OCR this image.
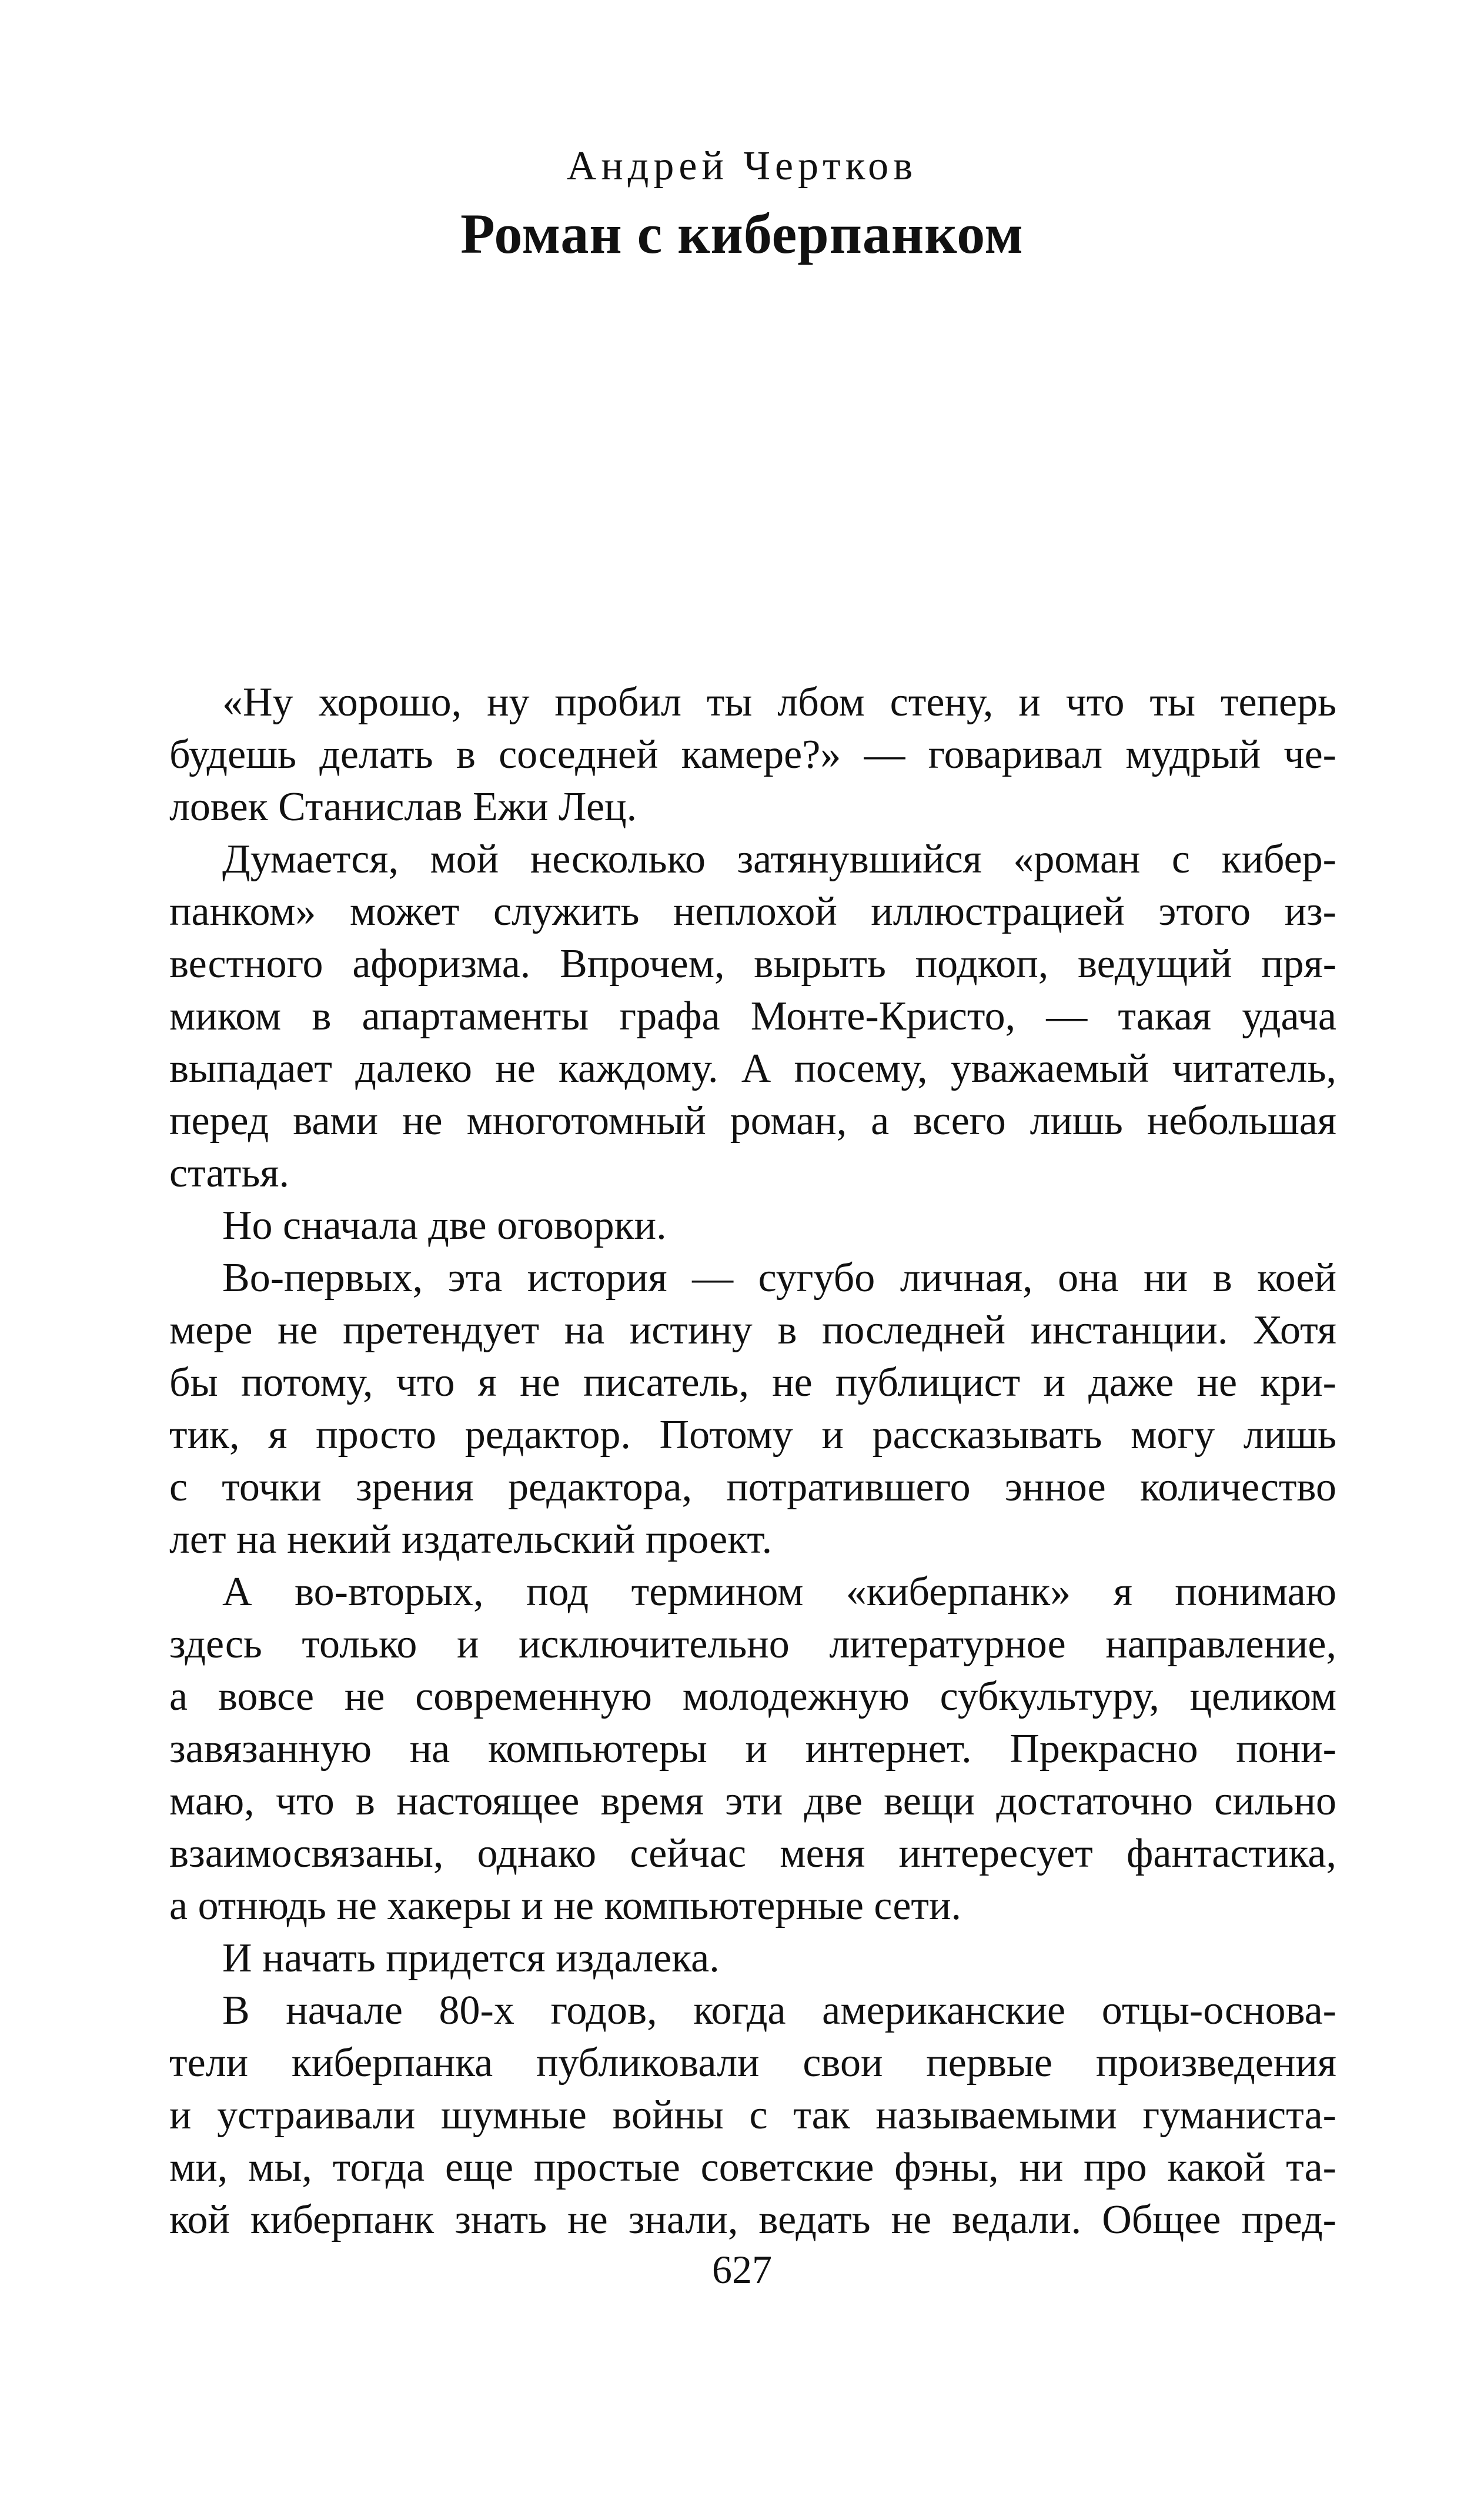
Андрей Чертков
Роман с киберпанком
«Ну хорошо, ну пробил ты лбом стену, и что ты теперь
будешь делать в соседней камере?» — говаривал мудрый че-
ловек Станислав Ежи Лец.
Думается, мой несколько затянувшийся «роман с кибер-
панком» может служить неплохой иллюстрацией этого из-
вестного афоризма. Впрочем, вырыть подкоп, ведущий пря-
миком в апартаменты графа Монте-Кристо, — такая удача
выпадает далеко не каждому. А посему, уважаемый читатель,
перед вами не многотомный роман, а всего лишь небольшая
статья.
Но сначала две оговорки.
Во-первых, эта история — сугубо личная, она ни в коей
мере не претендует на истину в последней инстанции. Хотя
бы потому, что я не писатель, не публицист и даже не кри-
тик, я просто редактор. Потому и рассказывать могу лишь
с точки зрения редактора, потратившего энное количество
лет на некий издательский проект.
А во-вторых, под термином «киберпанк» я понимаю
здесь только и исключительно литературное направление,
а вовсе не современную молодежную субкультуру, целиком
завязанную на компьютеры и интернет. Прекрасно пони-
маю, что в настоящее время эти две вещи достаточно сильно
взаимосвязаны, однако сейчас меня интересует фантастика,
а отнюдь не хакеры и не компьютерные сети.
И начать придется издалека.
В начале 80-х годов, когда американские отцы-основа-
тели киберпанка публиковали свои первые произведения
и устраивали шумные войны с так называемыми гуманиста-
ми, мы, тогда еще простые советские фэны, ни про какой та-
кой киберпанк знать не знали, ведать не ведали. Общее пред-
627
